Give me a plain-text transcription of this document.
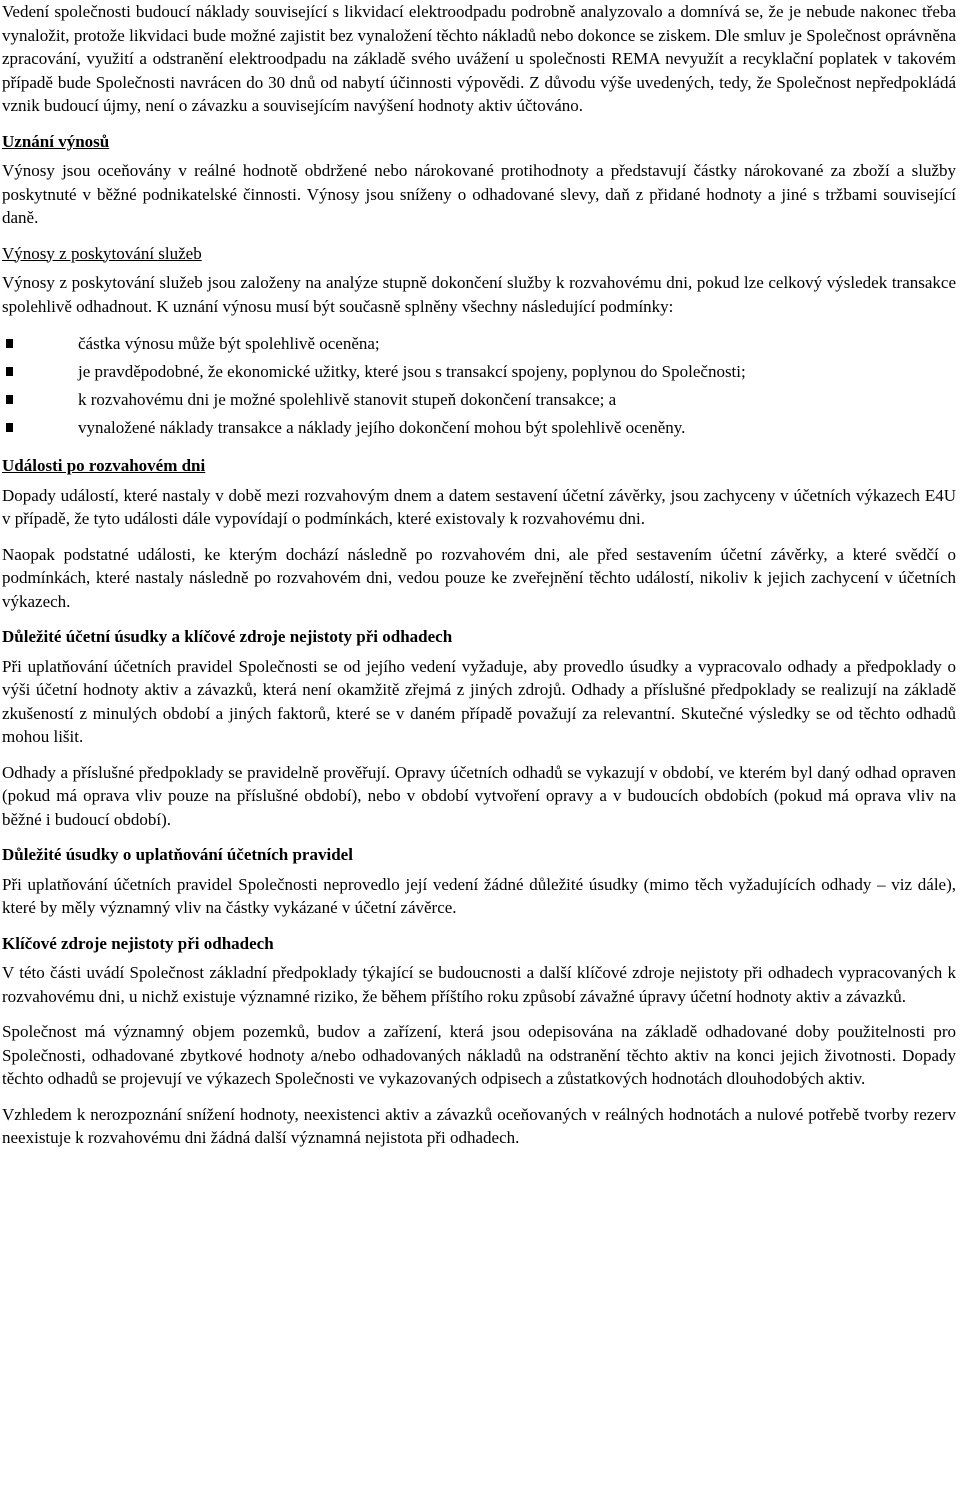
Vedení společnosti budoucí náklady související s likvidací elektroodpadu podrobně analyzovalo a domnívá se, že je nebude nakonec třeba vynaložit, protože likvidaci bude možné zajistit bez vynaložení těchto nákladů nebo dokonce se ziskem. Dle smluv je Společnost oprávněna zpracování, využití a odstranění elektroodpadu na základě svého uvážení u společnosti REMA nevyužít a recyklační poplatek v takovém případě bude Společnosti navrácen do 30 dnů od nabytí účinnosti výpovědi. Z důvodu výše uvedených, tedy, že Společnost nepředpokládá vznik budoucí újmy, není o závazku a souvisejícím navýšení hodnoty aktiv účtováno.

Uznání výnosů

Výnosy jsou oceňovány v reálné hodnotě obdržené nebo nárokované protihodnoty a představují částky nárokované za zboží a služby poskytnuté v běžné podnikatelské činnosti. Výnosy jsou sníženy o odhadované slevy, daň z přidané hodnoty a jiné s tržbami související daně.

Výnosy z poskytování služeb

Výnosy z poskytování služeb jsou založeny na analýze stupně dokončení služby k rozvahovému dni, pokud lze celkový výsledek transakce spolehlivě odhadnout. K uznání výnosu musí být současně splněny všechny následující podmínky:

částka výnosu může být spolehlivě oceněna;
je pravděpodobné, že ekonomické užitky, které jsou s transakcí spojeny, poplynou do Společnosti;
k rozvahovému dni je možné spolehlivě stanovit stupeň dokončení transakce; a
vynaložené náklady transakce a náklady jejího dokončení mohou být spolehlivě oceněny.
Události po rozvahovém dni

Dopady událostí, které nastaly v době mezi rozvahovým dnem a datem sestavení účetní závěrky, jsou zachyceny v účetních výkazech E4U v případě, že tyto události dále vypovídají o podmínkách, které existovaly k rozvahovému dni.

Naopak podstatné události, ke kterým dochází následně po rozvahovém dni, ale před sestavením účetní závěrky, a které svědčí o podmínkách, které nastaly následně po rozvahovém dni, vedou pouze ke zveřejnění těchto událostí, nikoliv k jejich zachycení v účetních výkazech.

Důležité účetní úsudky a klíčové zdroje nejistoty při odhadech

Při uplatňování účetních pravidel Společnosti se od jejího vedení vyžaduje, aby provedlo úsudky a vypracovalo odhady a předpoklady o výši účetní hodnoty aktiv a závazků, která není okamžitě zřejmá z jiných zdrojů. Odhady a příslušné předpoklady se realizují na základě zkušeností z minulých období a jiných faktorů, které se v daném případě považují za relevantní. Skutečné výsledky se od těchto odhadů mohou lišit.

Odhady a příslušné předpoklady se pravidelně prověřují. Opravy účetních odhadů se vykazují v období, ve kterém byl daný odhad opraven (pokud má oprava vliv pouze na příslušné období), nebo v období vytvoření opravy a v budoucích obdobích (pokud má oprava vliv na běžné i budoucí období).

Důležité úsudky o uplatňování účetních pravidel

Při uplatňování účetních pravidel Společnosti neprovedlo její vedení žádné důležité úsudky (mimo těch vyžadujících odhady – viz dále), které by měly významný vliv na částky vykázané v účetní závěrce.

Klíčové zdroje nejistoty při odhadech

V této části uvádí Společnost základní předpoklady týkající se budoucnosti a další klíčové zdroje nejistoty při odhadech vypracovaných k rozvahovému dni, u nichž existuje významné riziko, že během příštího roku způsobí závažné úpravy účetní hodnoty aktiv a závazků.

Společnost má významný objem pozemků, budov a zařízení, která jsou odepisována na základě odhadované doby použitelnosti pro Společnosti, odhadované zbytkové hodnoty a/nebo odhadovaných nákladů na odstranění těchto aktiv na konci jejich životnosti. Dopady těchto odhadů se projevují ve výkazech Společnosti ve vykazovaných odpisech a zůstatkových hodnotách dlouhodobých aktiv.

Vzhledem k nerozpoznání snížení hodnoty, neexistenci aktiv a závazků oceňovaných v reálných hodnotách a nulové potřebě tvorby rezerv neexistuje k rozvahovému dni žádná další významná nejistota při odhadech.
